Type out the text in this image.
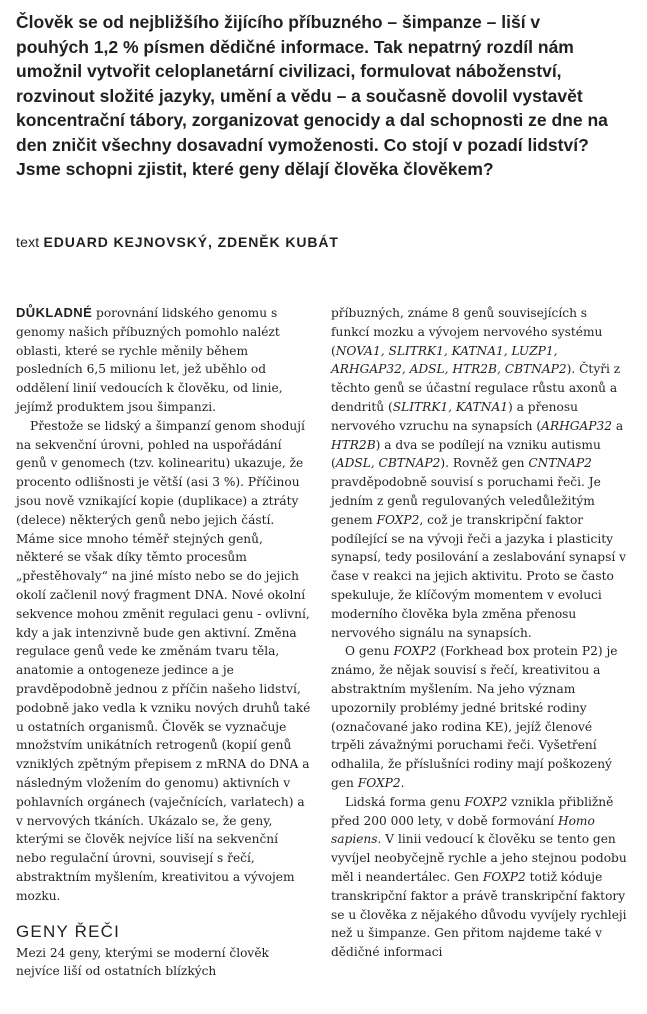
Člověk se od nejbližšího žijícího příbuzného – šimpanze – liší v pouhých 1,2 % písmen dědičné informace. Tak nepatrný rozdíl nám umožnil vytvořit celoplanetární civilizaci, formulovat náboženství, rozvinout složité jazyky, umění a vědu – a současně dovolil vystavět koncentrační tábory, zorganizovat genocidy a dal schopnosti ze dne na den zničit všechny dosavadní vymoženosti. Co stojí v pozadí lidství? Jsme schopni zjistit, které geny dělají člověka člověkem?
text EDUARD KEJNOVSKÝ, ZDENĚK KUBÁT

DŮKLADNÉ porovnání lidského genomu s genomy našich příbuzných pomohlo nalézt oblasti, které se rychle měnily během posledních 6,5 milionu let, jež uběhlo od oddělení linií vedoucích k člověku, od linie, jejímž produktem jsou šimpanzi.

Přestože se lidský a šimpanzí genom shodují na sekvenční úrovni, pohled na uspořádání genů v genomech (tzv. kolinearitu) ukazuje, že procento odlišnosti je větší (asi 3 %). Příčinou jsou nově vznikající kopie (duplikace) a ztráty (delece) některých genů nebo jejich částí. Máme sice mnoho téměř stejných genů, některé se však díky těmto procesům „přestěhovaly“ na jiné místo nebo se do jejich okolí začlenil nový fragment DNA. Nové okolní sekvence mohou změnit regulaci genu - ovlivní, kdy a jak intenzivně bude gen aktivní. Změna regulace genů vede ke změnám tvaru těla, anatomie a ontogeneze jedince a je pravděpodobně jednou z příčin našeho lidství, podobně jako vedla k vzniku nových druhů také u ostatních organismů. Člověk se vyznačuje množstvím unikátních retrogenů (kopií genů vzniklých zpětným přepisem z mRNA do DNA a následným vložením do genomu) aktivních v pohlavních orgánech (vaječnících, varlatech) a v nervových tkáních. Ukázalo se, že geny, kterými se člověk nejvíce liší na sekvenční nebo regulační úrovni, souvisejí s řečí, abstraktním myšlením, kreativitou a vývojem mozku.

GENY ŘEČI

Mezi 24 geny, kterými se moderní člověk nejvíce liší od ostatních blízkých

příbuzných, známe 8 genů souvisejících s funkcí mozku a vývojem nervového systému (NOVA1, SLITRK1, KATNA1, LUZP1, ARHGAP32, ADSL, HTR2B, CBTNAP2). Čtyři z těchto genů se účastní regulace růstu axonů a dendritů (SLITRK1, KATNA1) a přenosu nervového vzruchu na synapsích (ARHGAP32 a HTR2B) a dva se podílejí na vzniku autismu (ADSL, CBTNAP2). Rovněž gen CNTNAP2 pravděpodobně souvisí s poruchami řeči. Je jedním z genů regulovaných veledůležitým genem FOXP2, což je transkripční faktor podílející se na vývoji řeči a jazyka i plasticity synapsí, tedy posilování a zeslabování synapsí v čase v reakci na jejich aktivitu. Proto se často spekuluje, že klíčovým momentem v evoluci moderního člověka byla změna přenosu nervového signálu na synapsích.

O genu FOXP2 (Forkhead box protein P2) je známo, že nějak souvisí s řečí, kreativitou a abstraktním myšlením. Na jeho význam upozornily problémy jedné britské rodiny (označované jako rodina KE), jejíž členové trpěli závažnými poruchami řeči. Vyšetření odhalila, že příslušníci rodiny mají poškozený gen FOXP2.

Lidská forma genu FOXP2 vznikla přibližně před 200 000 lety, v době formování Homo sapiens. V linii vedoucí k člověku se tento gen vyvíjel neobyčejně rychle a jeho stejnou podobu měl i neandertálec. Gen FOXP2 totiž kóduje transkripční faktor a právě transkripční faktory se u člověka z nějakého důvodu vyvíjely rychleji než u šimpanze. Gen přitom najdeme také v dědičné informaci
